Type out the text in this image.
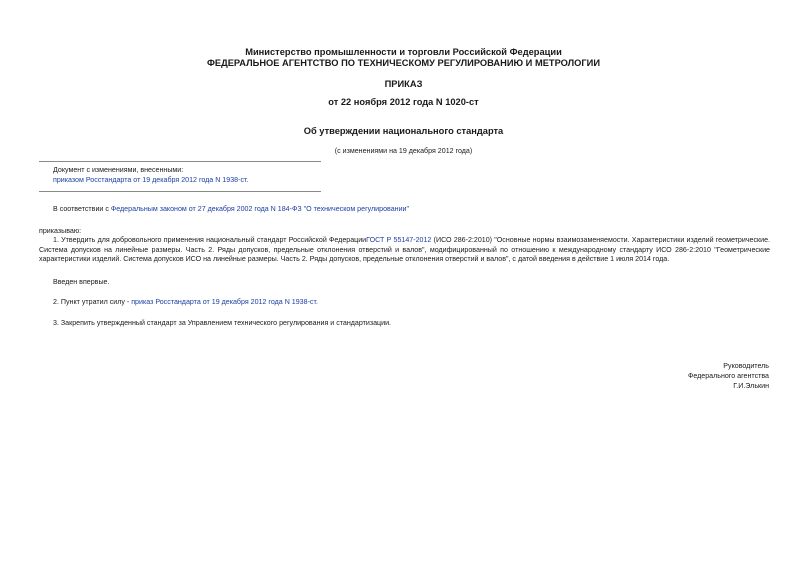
Министерство промышленности и торговли Российской Федерации
ФЕДЕРАЛЬНОЕ АГЕНТСТВО ПО ТЕХНИЧЕСКОМУ РЕГУЛИРОВАНИЮ И МЕТРОЛОГИИ
ПРИКАЗ
от 22 ноября 2012 года N 1020-ст
Об утверждении национального стандарта
(с изменениями на 19 декабря 2012 года)
Документ с изменениями, внесенными:
приказом Росстандарта от 19 декабря 2012 года N 1938-ст.
В соответствии с Федеральным законом от 27 декабря 2002 года N 184-ФЗ "О техническом регулировании"
приказываю:
1. Утвердить для добровольного применения национальный стандарт Российской ФедерацииГОСТ Р 55147-2012 (ИСО 286-2:2010) "Основные нормы взаимозаменяемости. Характеристики изделий геометрические. Система допусков на линейные размеры. Часть 2. Ряды допусков, предельные отклонения отверстий и валов", модифицированный по отношению к международному стандарту ИСО 286-2:2010 "Геометрические характеристики изделий. Система допусков ИСО на линейные размеры. Часть 2. Ряды допусков, предельные отклонения отверстий и валов", с датой введения в действие 1 июля 2014 года.
Введен впервые.
2. Пункт утратил силу - приказ Росстандарта от 19 декабря 2012 года N 1938-ст.
3. Закрепить утвержденный стандарт за Управлением технического регулирования и стандартизации.
Руководитель
Федерального агентства
Г.И.Элькин
